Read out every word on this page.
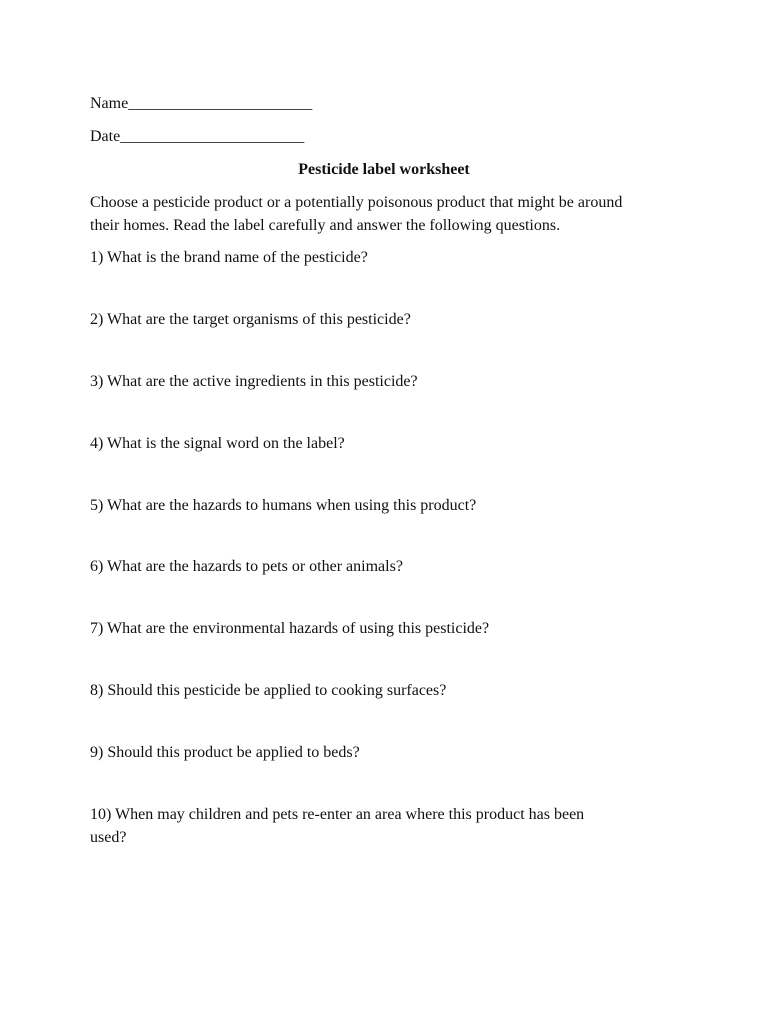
Name_______________________
Date_______________________
Pesticide label worksheet
Choose a pesticide product or a potentially poisonous product that might be around
their homes. Read the label carefully and answer the following questions.
1) What is the brand name of the pesticide?
2) What are the target organisms of this pesticide?
3) What are the active ingredients in this pesticide?
4) What is the signal word on the label?
5) What are the hazards to humans when using this product?
6) What are the hazards to pets or other animals?
7) What are the environmental hazards of using this pesticide?
8) Should this pesticide be applied to cooking surfaces?
9) Should this product be applied to beds?
10) When may children and pets re-enter an area where this product has been
used?
